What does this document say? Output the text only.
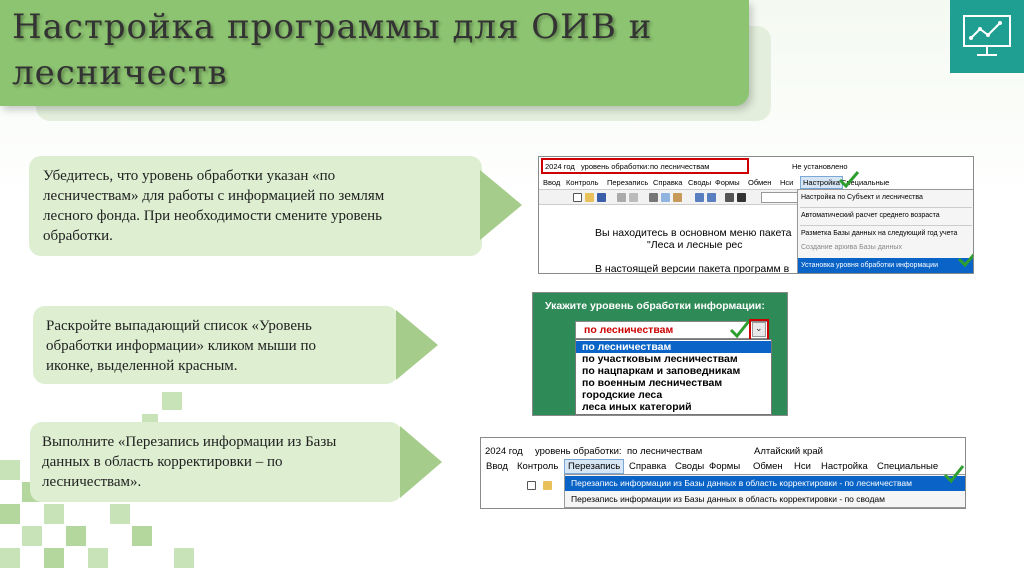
Настройка программы для ОИВ и лесничеств
Убедитесь, что уровень обработки указан «по лесничествам» для работы с информацией по землям лесного фонда. При необходимости смените уровень обработки.
Раскройте выпадающий список «Уровень обработки информации» кликом мыши по иконке, выделенной красным.
Выполните «Перезапись информации из Базы данных в область корректировки – по лесничествам».
2024 год уровень обработки: по лесничествам	Не установлено
Ввод Контроль Перезапись Справка Своды Формы Обмен Нси	Настройка Специальные
Вы находитесь в основном меню пакета
"Леса и лесные рес
В настоящей версии пакета программ в
Настройка по Субъект и лесничества
Автоматический расчет среднего возраста
Разметка Базы данных на следующий год учета
Создание архива Базы данных
Установка уровня обработки информации
Укажите уровень обработки информации:
по лесничествам	⌄
по лесничествам
по участковым лесничествам
по нацпаркам и заповедникам
по военным лесничествам
городские леса
леса иных категорий
2024 год уровень обработки: по лесничествам	Алтайский край
Ввод Контроль	Перезапись Справка Своды Формы Обмен Нси Настройка Специальные
Перезапись информации из Базы данных в область корректировки - по лесничествам
Перезапись информации из Базы данных в область корректировки - по сводам
